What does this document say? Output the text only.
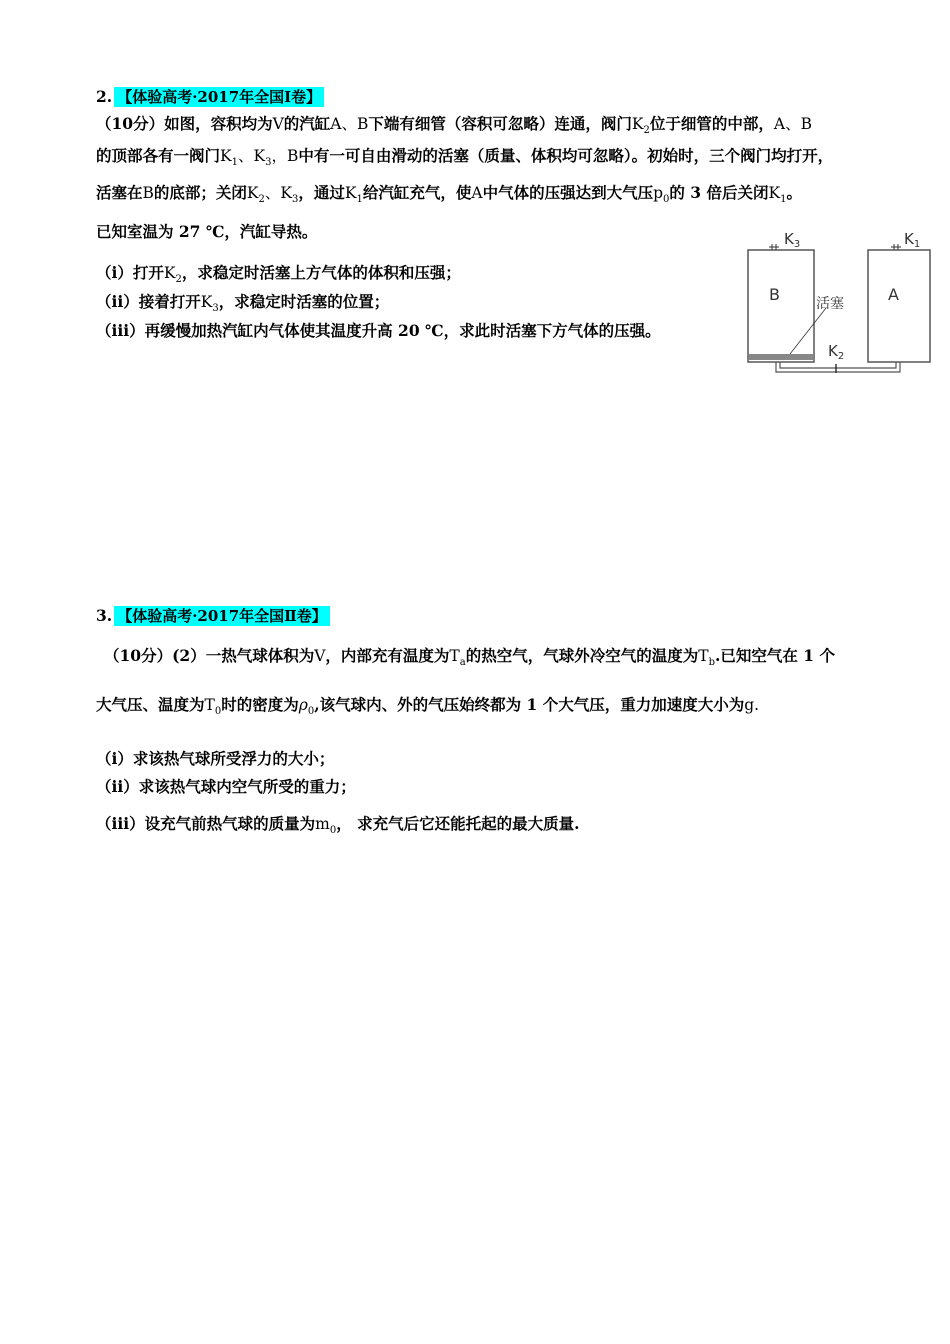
2. 【体验高考·2017年全国Ⅰ卷】
（10分）如图，容积均为V的汽缸A、B下端有细管（容积可忽略）连通，阀门$K_2$位于细管的中部，A、B
的顶部各有一阀门$K_1$、$K_3$，B中有一可自由滑动的活塞（质量、体积均可忽略）。初始时，三个阀门均打开，
活塞在B的底部；关闭$K_2$、$K_3$，通过$K_1$给汽缸充气，使A中气体的压强达到大气压$p_0$的 3 倍后关闭$K_1$。
已知室温为 27 ℃，汽缸导热。
（i）打开$K_2$，求稳定时活塞上方气体的体积和压强；
（ii）接着打开$K_3$，求稳定时活塞的位置；
（iii）再缓慢加热汽缸内气体使其温度升高 20 ℃，求此时活塞下方气体的压强。
B	A
活塞
$K_3$	$K_1$
$K_2$
3. 【体验高考·2017年全国Ⅱ卷】
（10分）(2）一热气球体积为V，内部充有温度为$T_a$的热空气，气球外冷空气的温度为$T_b$.已知空气在 1 个
大气压、温度为$T_0$时的密度为$\rho_0$,该气球内、外的气压始终都为 1 个大气压，重力加速度大小为g.
（i）求该热气球所受浮力的大小；
（ii）求该热气球内空气所受的重力；
（iii）设充气前热气球的质量为$m_0$， 求充气后它还能托起的最大质量.
